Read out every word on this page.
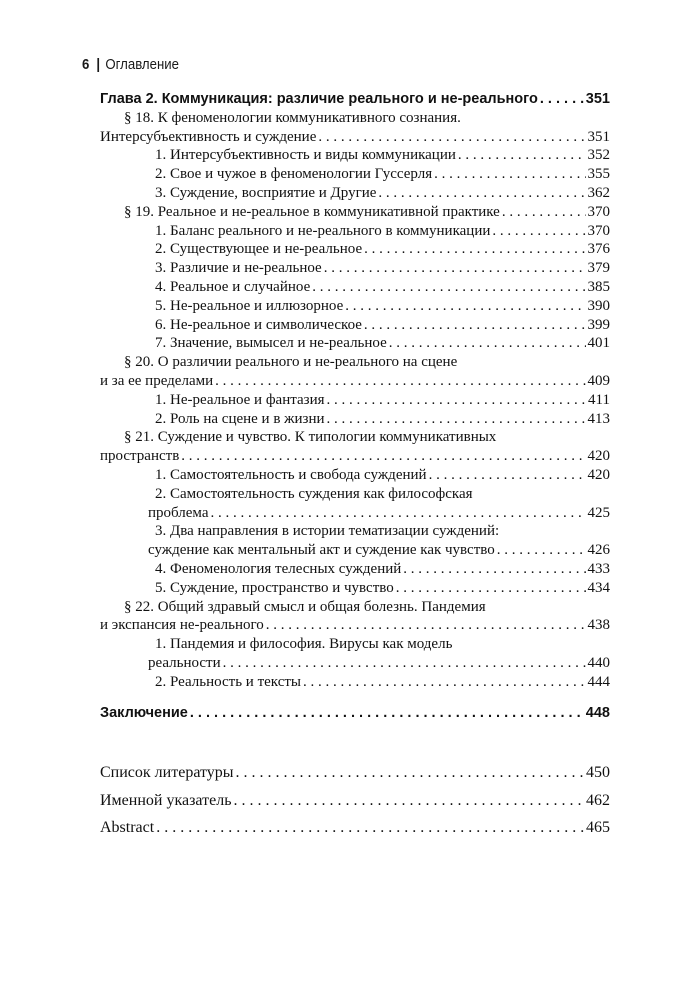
6 | Оглавление
Глава 2. Коммуникация: различие реального и не-реального . . .	351
§ 18. К феноменологии коммуникативного сознания.
Интерсубъективность и суждение . . .	351
1. Интерсубъективность и виды коммуникации . . .	352
2. Свое и чужое в феноменологии Гуссерля . . .	355
3. Суждение, восприятие и Другие . . .	362
§ 19. Реальное и не-реальное в коммуникативной практике . . .	370
1. Баланс реального и не-реального в коммуникации . . .	370
2. Существующее и не-реальное . . .	376
3. Различие и не-реальное . . .	379
4. Реальное и случайное . . .	385
5. Не-реальное и иллюзорное . . .	390
6. Не-реальное и символическое . . .	399
7. Значение, вымысел и не-реальное . . .	401
§ 20. О различии реального и не-реального на сцене
и за ее пределами . . .	409
1. Не-реальное и фантазия . . .	411
2. Роль на сцене и в жизни . . .	413
§ 21. Суждение и чувство. К типологии коммуникативных
пространств . . .	420
1. Самостоятельность и свобода суждений . . .	420
2. Самостоятельность суждения как философская
проблема . . .	425
3. Два направления в истории тематизации суждений:
суждение как ментальный акт и суждение как чувство . . .	426
4. Феноменология телесных суждений . . .	433
5. Суждение, пространство и чувство . . .	434
§ 22. Общий здравый смысл и общая болезнь. Пандемия
и экспансия не-реального . . .	438
1. Пандемия и философия. Вирусы как модель
реальности . . .	440
2. Реальность и тексты . . .	444
Заключение . . .	448
Список литературы . . .	450
Именной указатель . . .	462
Abstract . . .	465
